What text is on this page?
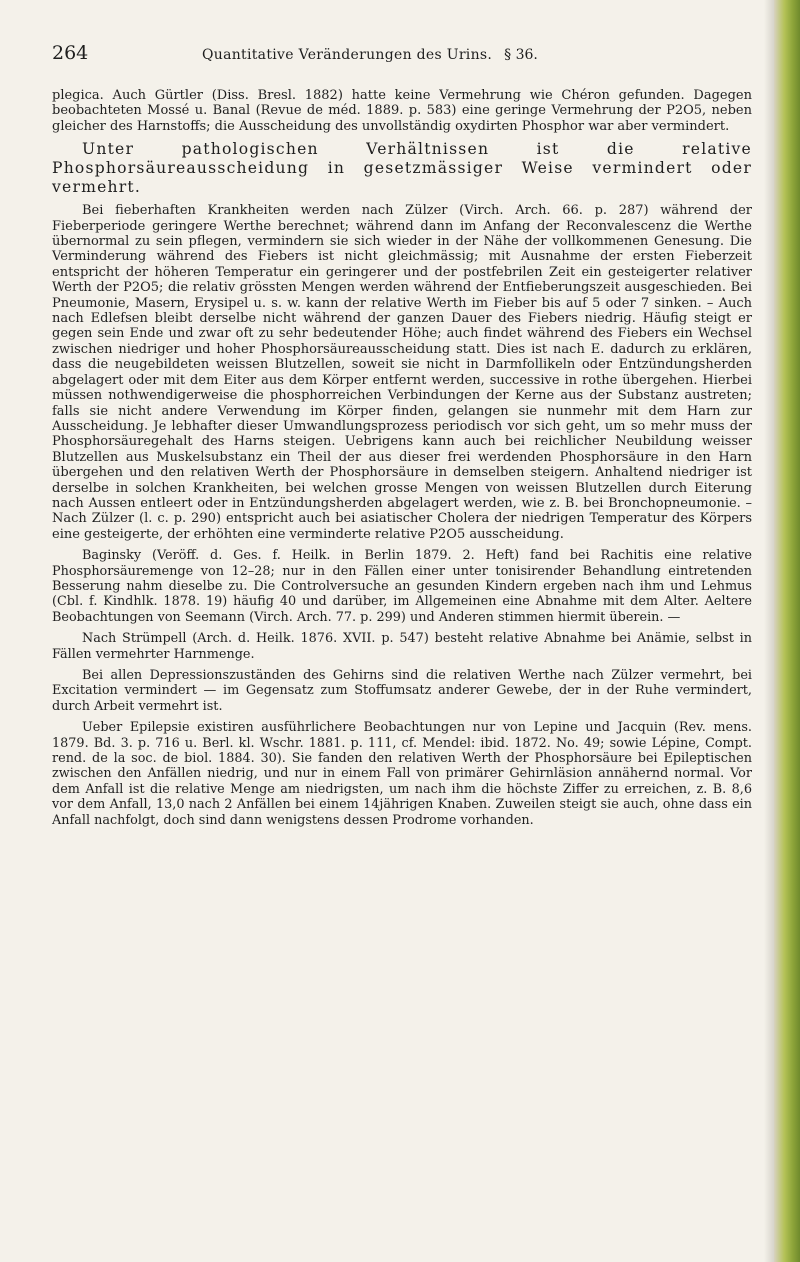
264	Quantitative Veränderungen des Urins. § 36.

plegica. Auch Gürtler (Diss. Bresl. 1882) hatte keine Vermehrung wie Chéron gefunden. Dagegen beobachteten Mossé u. Banal (Revue de méd. 1889. p. 583) eine geringe Vermehrung der P2O5, neben gleicher des Harnstoffs; die Ausscheidung des unvollständig oxydirten Phosphor war aber vermindert.

Unter pathologischen Verhältnissen ist die relative Phosphorsäureausscheidung in gesetzmässiger Weise vermindert oder vermehrt.

Bei fieberhaften Krankheiten werden nach Zülzer (Virch. Arch. 66. p. 287) während der Fieberperiode geringere Werthe berechnet; während dann im Anfang der Reconvalescenz die Werthe übernormal zu sein pflegen, vermindern sie sich wieder in der Nähe der vollkommenen Genesung. Die Verminderung während des Fiebers ist nicht gleichmässig; mit Ausnahme der ersten Fieberzeit entspricht der höheren Temperatur ein geringerer und der postfebrilen Zeit ein gesteigerter relativer Werth der P2O5; die relativ grössten Mengen werden während der Entfieberungszeit ausgeschieden. Bei Pneumonie, Masern, Erysipel u. s. w. kann der relative Werth im Fieber bis auf 5 oder 7 sinken. – Auch nach Edlefsen bleibt derselbe nicht während der ganzen Dauer des Fiebers niedrig. Häufig steigt er gegen sein Ende und zwar oft zu sehr bedeutender Höhe; auch findet während des Fiebers ein Wechsel zwischen niedriger und hoher Phosphorsäureausscheidung statt. Dies ist nach E. dadurch zu erklären, dass die neugebildeten weissen Blutzellen, soweit sie nicht in Darmfollikeln oder Entzündungsherden abgelagert oder mit dem Eiter aus dem Körper entfernt werden, successive in rothe übergehen. Hierbei müssen nothwendigerweise die phosphorreichen Verbindungen der Kerne aus der Substanz austreten; falls sie nicht andere Verwendung im Körper finden, gelangen sie nunmehr mit dem Harn zur Ausscheidung. Je lebhafter dieser Umwandlungsprozess periodisch vor sich geht, um so mehr muss der Phosphorsäuregehalt des Harns steigen. Uebrigens kann auch bei reichlicher Neubildung weisser Blutzellen aus Muskelsubstanz ein Theil der aus dieser frei werdenden Phosphorsäure in den Harn übergehen und den relativen Werth der Phosphorsäure in demselben steigern. Anhaltend niedriger ist derselbe in solchen Krankheiten, bei welchen grosse Mengen von weissen Blutzellen durch Eiterung nach Aussen entleert oder in Entzündungsherden abgelagert werden, wie z. B. bei Bronchopneumonie. – Nach Zülzer (l. c. p. 290) entspricht auch bei asiatischer Cholera der niedrigen Temperatur des Körpers eine gesteigerte, der erhöhten eine verminderte relative P2O5 ausscheidung.

Baginsky (Veröff. d. Ges. f. Heilk. in Berlin 1879. 2. Heft) fand bei Rachitis eine relative Phosphorsäuremenge von 12–28; nur in den Fällen einer unter tonisirender Behandlung eintretenden Besserung nahm dieselbe zu. Die Controlversuche an gesunden Kindern ergeben nach ihm und Lehmus (Cbl. f. Kindhlk. 1878. 19) häufig 40 und darüber, im Allgemeinen eine Abnahme mit dem Alter. Aeltere Beobachtungen von Seemann (Virch. Arch. 77. p. 299) und Anderen stimmen hiermit überein. —

Nach Strümpell (Arch. d. Heilk. 1876. XVII. p. 547) besteht relative Abnahme bei Anämie, selbst in Fällen vermehrter Harnmenge.

Bei allen Depressionszuständen des Gehirns sind die relativen Werthe nach Zülzer vermehrt, bei Excitation vermindert — im Gegensatz zum Stoffumsatz anderer Gewebe, der in der Ruhe vermindert, durch Arbeit vermehrt ist.

Ueber Epilepsie existiren ausführlichere Beobachtungen nur von Lepine und Jacquin (Rev. mens. 1879. Bd. 3. p. 716 u. Berl. kl. Wschr. 1881. p. 111, cf. Mendel: ibid. 1872. No. 49; sowie Lépine, Compt. rend. de la soc. de biol. 1884. 30). Sie fanden den relativen Werth der Phosphorsäure bei Epileptischen zwischen den Anfällen niedrig, und nur in einem Fall von primärer Gehirnläsion annähernd normal. Vor dem Anfall ist die relative Menge am niedrigsten, um nach ihm die höchste Ziffer zu erreichen, z. B. 8,6 vor dem Anfall, 13,0 nach 2 Anfällen bei einem 14jährigen Knaben. Zuweilen steigt sie auch, ohne dass ein Anfall nachfolgt, doch sind dann wenigstens dessen Prodrome vorhanden.
